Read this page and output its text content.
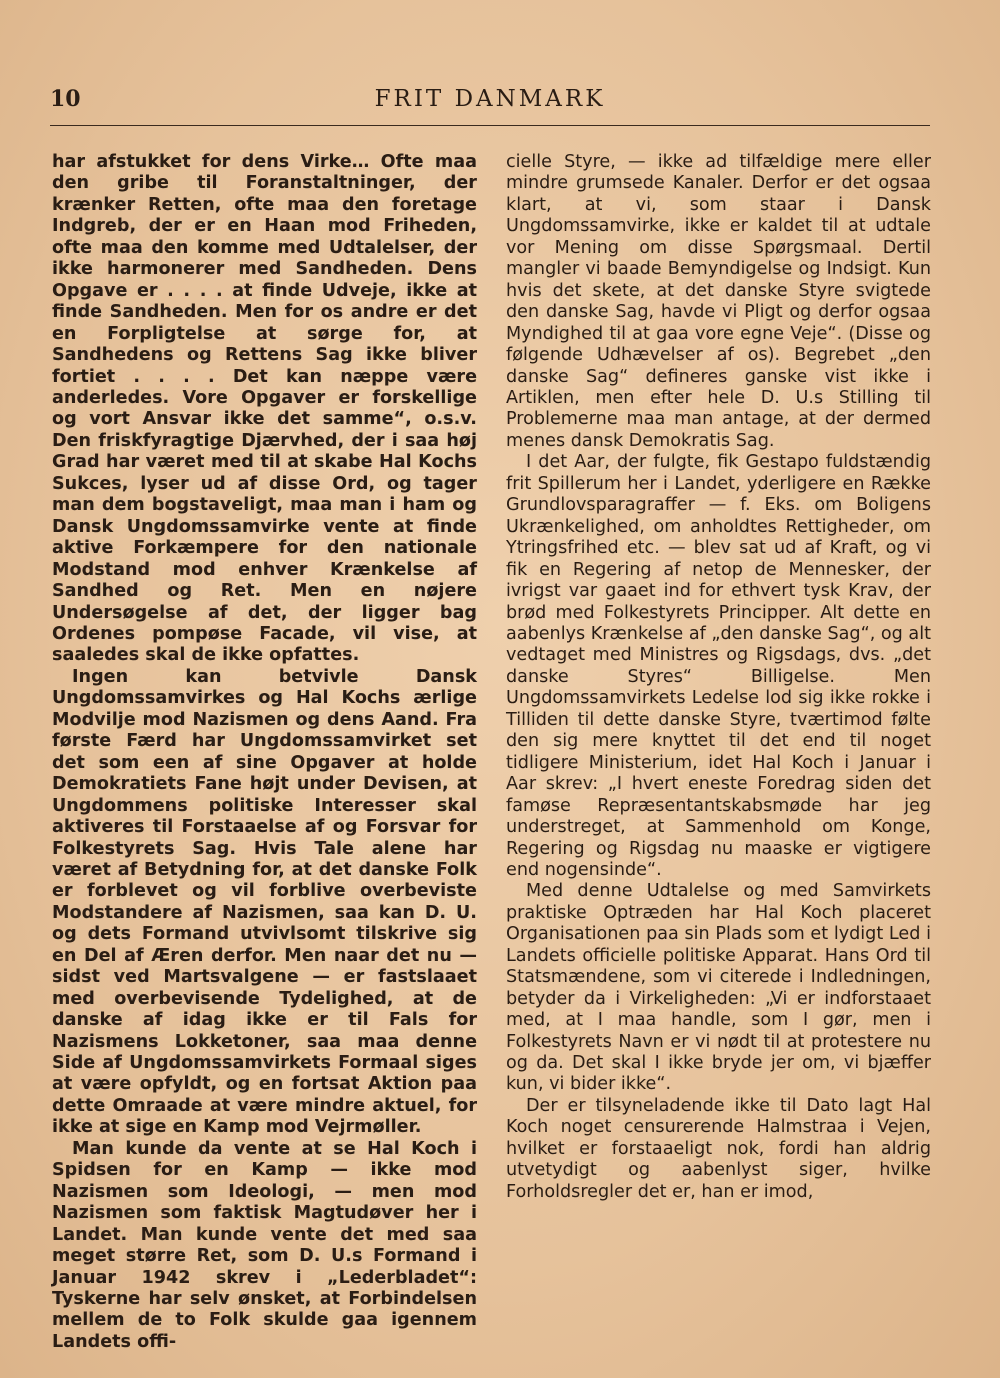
10	FRIT DANMARK

har afstukket for dens Virke… Ofte maa den gribe til Foranstaltninger, der krænker Retten, ofte maa den foretage Indgreb, der er en Haan mod Friheden, ofte maa den komme med Udtalelser, der ikke harmonerer med Sandheden. Dens Opgave er . . . . at finde Udveje, ikke at finde Sandheden. Men for os andre er det en Forpligtelse at sørge for, at Sandhedens og Rettens Sag ikke bliver fortiet . . . . Det kan næppe være anderledes. Vore Opgaver er forskellige og vort Ansvar ikke det samme“, o.s.v. Den friskfyragtige Djærvhed, der i saa høj Grad har været med til at skabe Hal Kochs Sukces, lyser ud af disse Ord, og tager man dem bogstaveligt, maa man i ham og Dansk Ungdomssamvirke vente at finde aktive Forkæmpere for den nationale Modstand mod enhver Krænkelse af Sandhed og Ret. Men en nøjere Undersøgelse af det, der ligger bag Ordenes pompøse Facade, vil vise, at saaledes skal de ikke opfattes.

Ingen kan betvivle Dansk Ungdomssamvirkes og Hal Kochs ærlige Modvilje mod Nazismen og dens Aand. Fra første Færd har Ungdomssamvirket set det som een af sine Opgaver at holde Demokratiets Fane højt under Devisen, at Ungdommens politiske Interesser skal aktiveres til Forstaaelse af og Forsvar for Folkestyrets Sag. Hvis Tale alene har været af Betydning for, at det danske Folk er forblevet og vil forblive overbeviste Modstandere af Nazismen, saa kan D. U. og dets Formand utvivlsomt tilskrive sig en Del af Æren derfor. Men naar det nu — sidst ved Martsvalgene — er fastslaaet med overbevisende Tydelighed, at de danske af idag ikke er til Fals for Nazismens Lokketoner, saa maa denne Side af Ungdomssamvirkets Formaal siges at være opfyldt, og en fortsat Aktion paa dette Omraade at være mindre aktuel, for ikke at sige en Kamp mod Vejrmøller.

Man kunde da vente at se Hal Koch i Spidsen for en Kamp — ikke mod Nazismen som Ideologi, — men mod Nazismen som faktisk Magtudøver her i Landet. Man kunde vente det med saa meget større Ret, som D. U.s Formand i Januar 1942 skrev i „Lederbladet“: Tyskerne har selv ønsket, at Forbindelsen mellem de to Folk skulde gaa igennem Landets offi-

cielle Styre, — ikke ad tilfældige mere eller mindre grumsede Kanaler. Derfor er det ogsaa klart, at vi, som staar i Dansk Ungdomssamvirke, ikke er kaldet til at udtale vor Mening om disse Spørgsmaal. Dertil mangler vi baade Bemyndigelse og Indsigt. Kun hvis det skete, at det danske Styre svigtede den danske Sag, havde vi Pligt og derfor ogsaa Myndighed til at gaa vore egne Veje“. (Disse og følgende Udhævelser af os). Begrebet „den danske Sag“ defineres ganske vist ikke i Artiklen, men efter hele D. U.s Stilling til Problemerne maa man antage, at der dermed menes dansk Demokratis Sag.

I det Aar, der fulgte, fik Gestapo fuldstændig frit Spillerum her i Landet, yderligere en Række Grundlovsparagraffer — f. Eks. om Boligens Ukrænkelighed, om anholdtes Rettigheder, om Ytringsfrihed etc. — blev sat ud af Kraft, og vi fik en Regering af netop de Mennesker, der ivrigst var gaaet ind for ethvert tysk Krav, der brød med Folkestyrets Principper. Alt dette en aabenlys Krænkelse af „den danske Sag“, og alt vedtaget med Ministres og Rigsdags, dvs. „det danske Styres“ Billigelse. Men Ungdomssamvirkets Ledelse lod sig ikke rokke i Tilliden til dette danske Styre, tværtimod følte den sig mere knyttet til det end til noget tidligere Ministerium, idet Hal Koch i Januar i Aar skrev: „I hvert eneste Foredrag siden det famøse Repræsentantskabsmøde har jeg understreget, at Sammenhold om Konge, Regering og Rigsdag nu maaske er vigtigere end nogensinde“.

Med denne Udtalelse og med Samvirkets praktiske Optræden har Hal Koch placeret Organisationen paa sin Plads som et lydigt Led i Landets officielle politiske Apparat. Hans Ord til Statsmændene, som vi citerede i Indledningen, betyder da i Virkeligheden: „Vi er indforstaaet med, at I maa handle, som I gør, men i Folkestyrets Navn er vi nødt til at protestere nu og da. Det skal I ikke bryde jer om, vi bjæffer kun, vi bider ikke“.

Der er tilsyneladende ikke til Dato lagt Hal Koch noget censurerende Halmstraa i Vejen, hvilket er forstaaeligt nok, fordi han aldrig utvetydigt og aabenlyst siger, hvilke Forholdsregler det er, han er imod,
